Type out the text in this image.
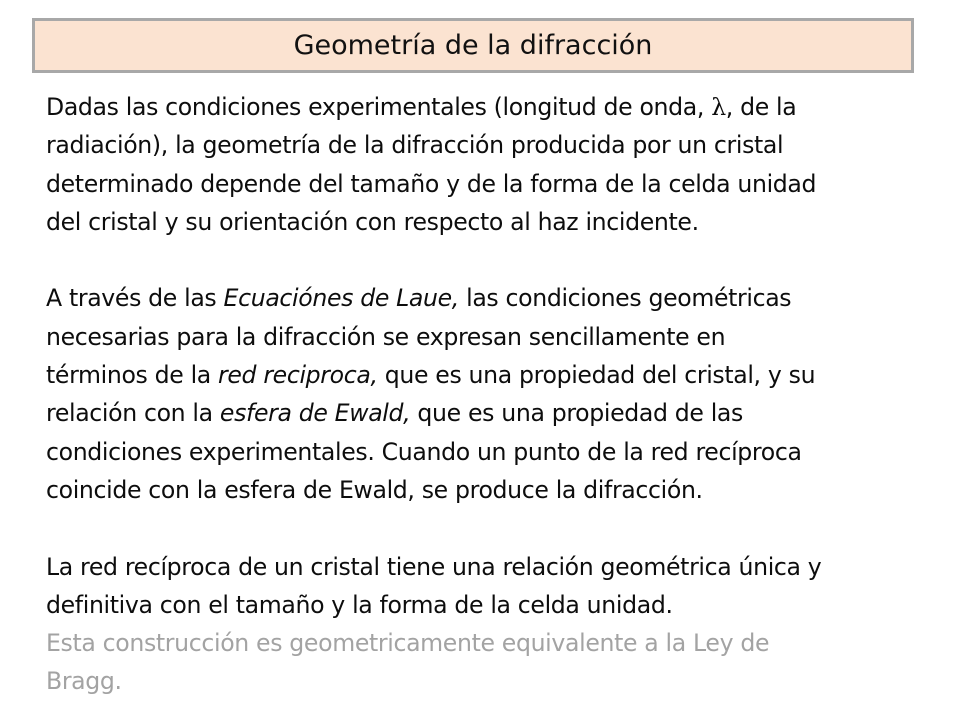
Geometría de la difracción
Dadas las condiciones experimentales (longitud de onda, λ, de la
radiación), la geometría de la difracción producida por un cristal
determinado depende del tamaño y de la forma de la celda unidad
del cristal y su orientación con respecto al haz incidente.
A través de las Ecuaciónes de Laue, las condiciones geométricas
necesarias para la difracción se expresan sencillamente en
términos de la red reciproca, que es una propiedad del cristal, y su
relación con la esfera de Ewald, que es una propiedad de las
condiciones experimentales. Cuando un punto de la red recíproca
coincide con la esfera de Ewald, se produce la difracción.
La red recíproca de un cristal tiene una relación geométrica única y
definitiva con el tamaño y la forma de la celda unidad.
Esta construcción es geometricamente equivalente a la Ley de
Bragg.
